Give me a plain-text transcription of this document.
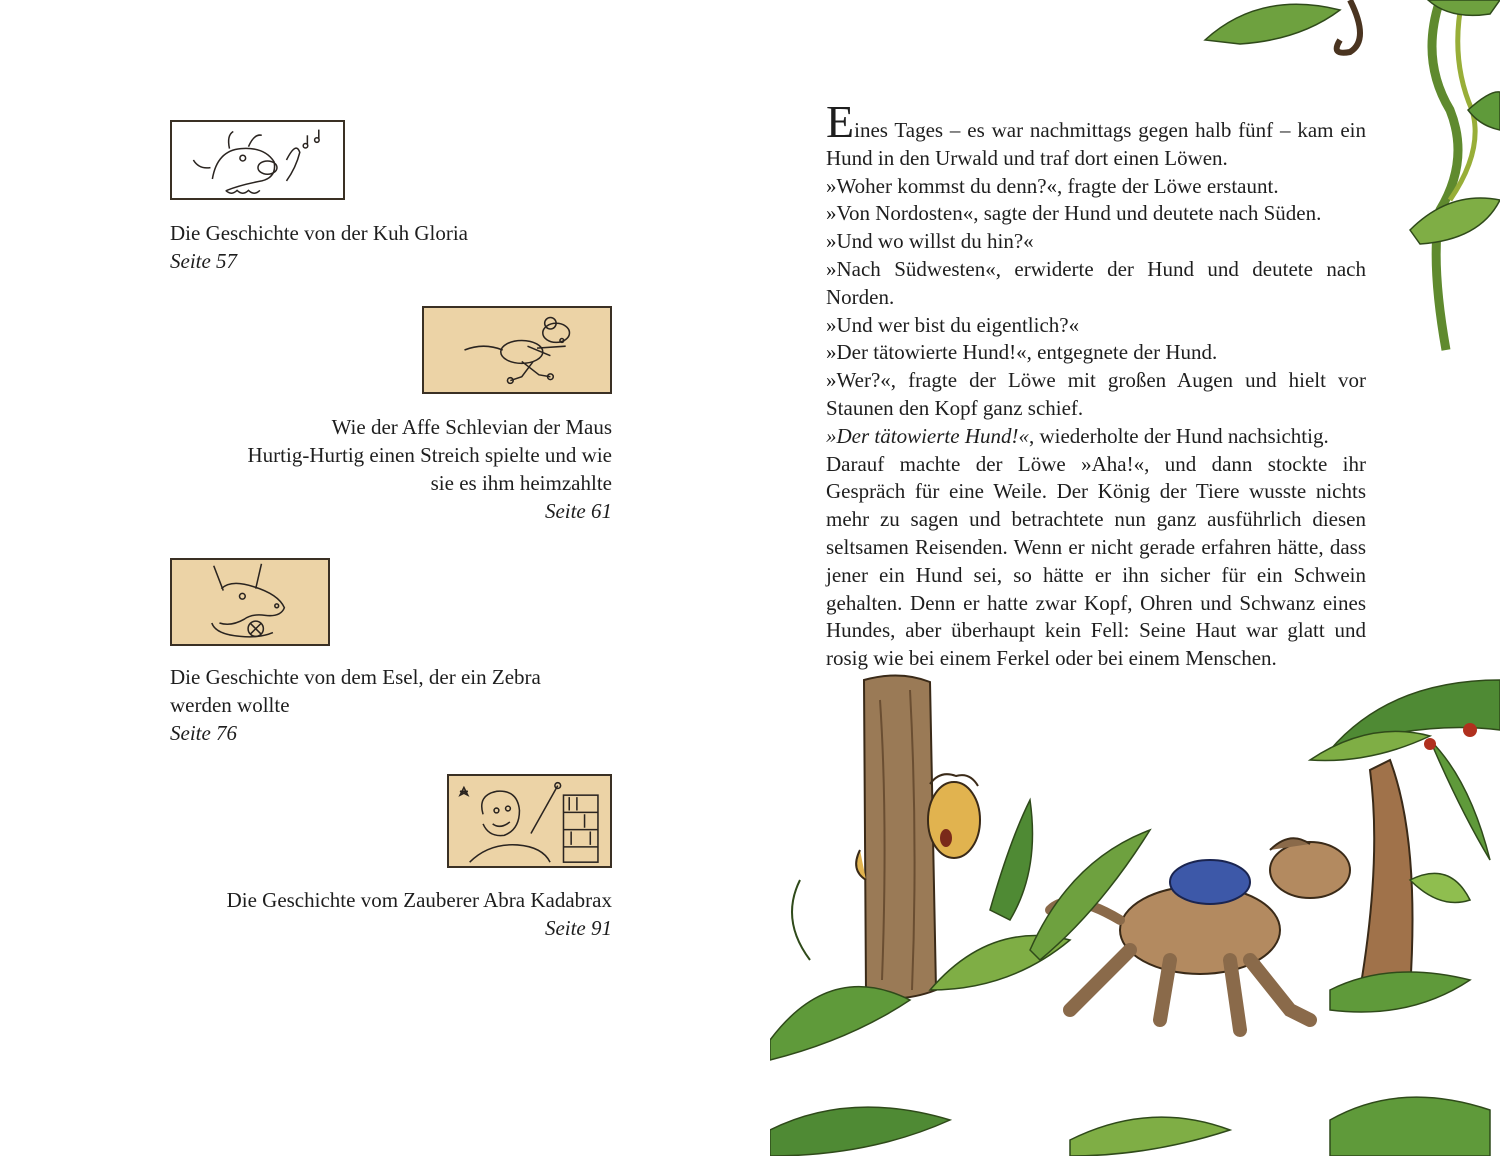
Die Geschichte von der Kuh Gloria
Seite 57
Wie der Affe Schlevian der Maus
Hurtig-Hurtig einen Streich spielte und wie
sie es ihm heimzahlte
Seite 61
Die Geschichte von dem Esel, der ein Zebra
werden wollte
Seite 76
Die Geschichte vom Zauberer Abra Kadabrax
Seite 91

Eines Tages – es war nachmittags gegen halb fünf – kam ein Hund in den Urwald und traf dort einen Löwen.

»Woher kommst du denn?«, fragte der Löwe erstaunt.

»Von Nordosten«, sagte der Hund und deutete nach Süden.

»Und wo willst du hin?«

»Nach Südwesten«, erwiderte der Hund und deutete nach Norden.

»Und wer bist du eigentlich?«

»Der tätowierte Hund!«, entgegnete der Hund.

»Wer?«, fragte der Löwe mit großen Augen und hielt vor Staunen den Kopf ganz schief.

»Der tätowierte Hund!«, wiederholte der Hund nachsichtig.

Darauf machte der Löwe »Aha!«, und dann stockte ihr Gespräch für eine Weile. Der König der Tiere wusste nichts mehr zu sagen und betrachtete nun ganz ausführlich diesen seltsamen Reisenden. Wenn er nicht gerade erfahren hätte, dass jener ein Hund sei, so hätte er ihn sicher für ein Schwein gehalten. Denn er hatte zwar Kopf, Ohren und Schwanz eines Hundes, aber überhaupt kein Fell: Seine Haut war glatt und rosig wie bei einem Ferkel oder bei einem Menschen.
